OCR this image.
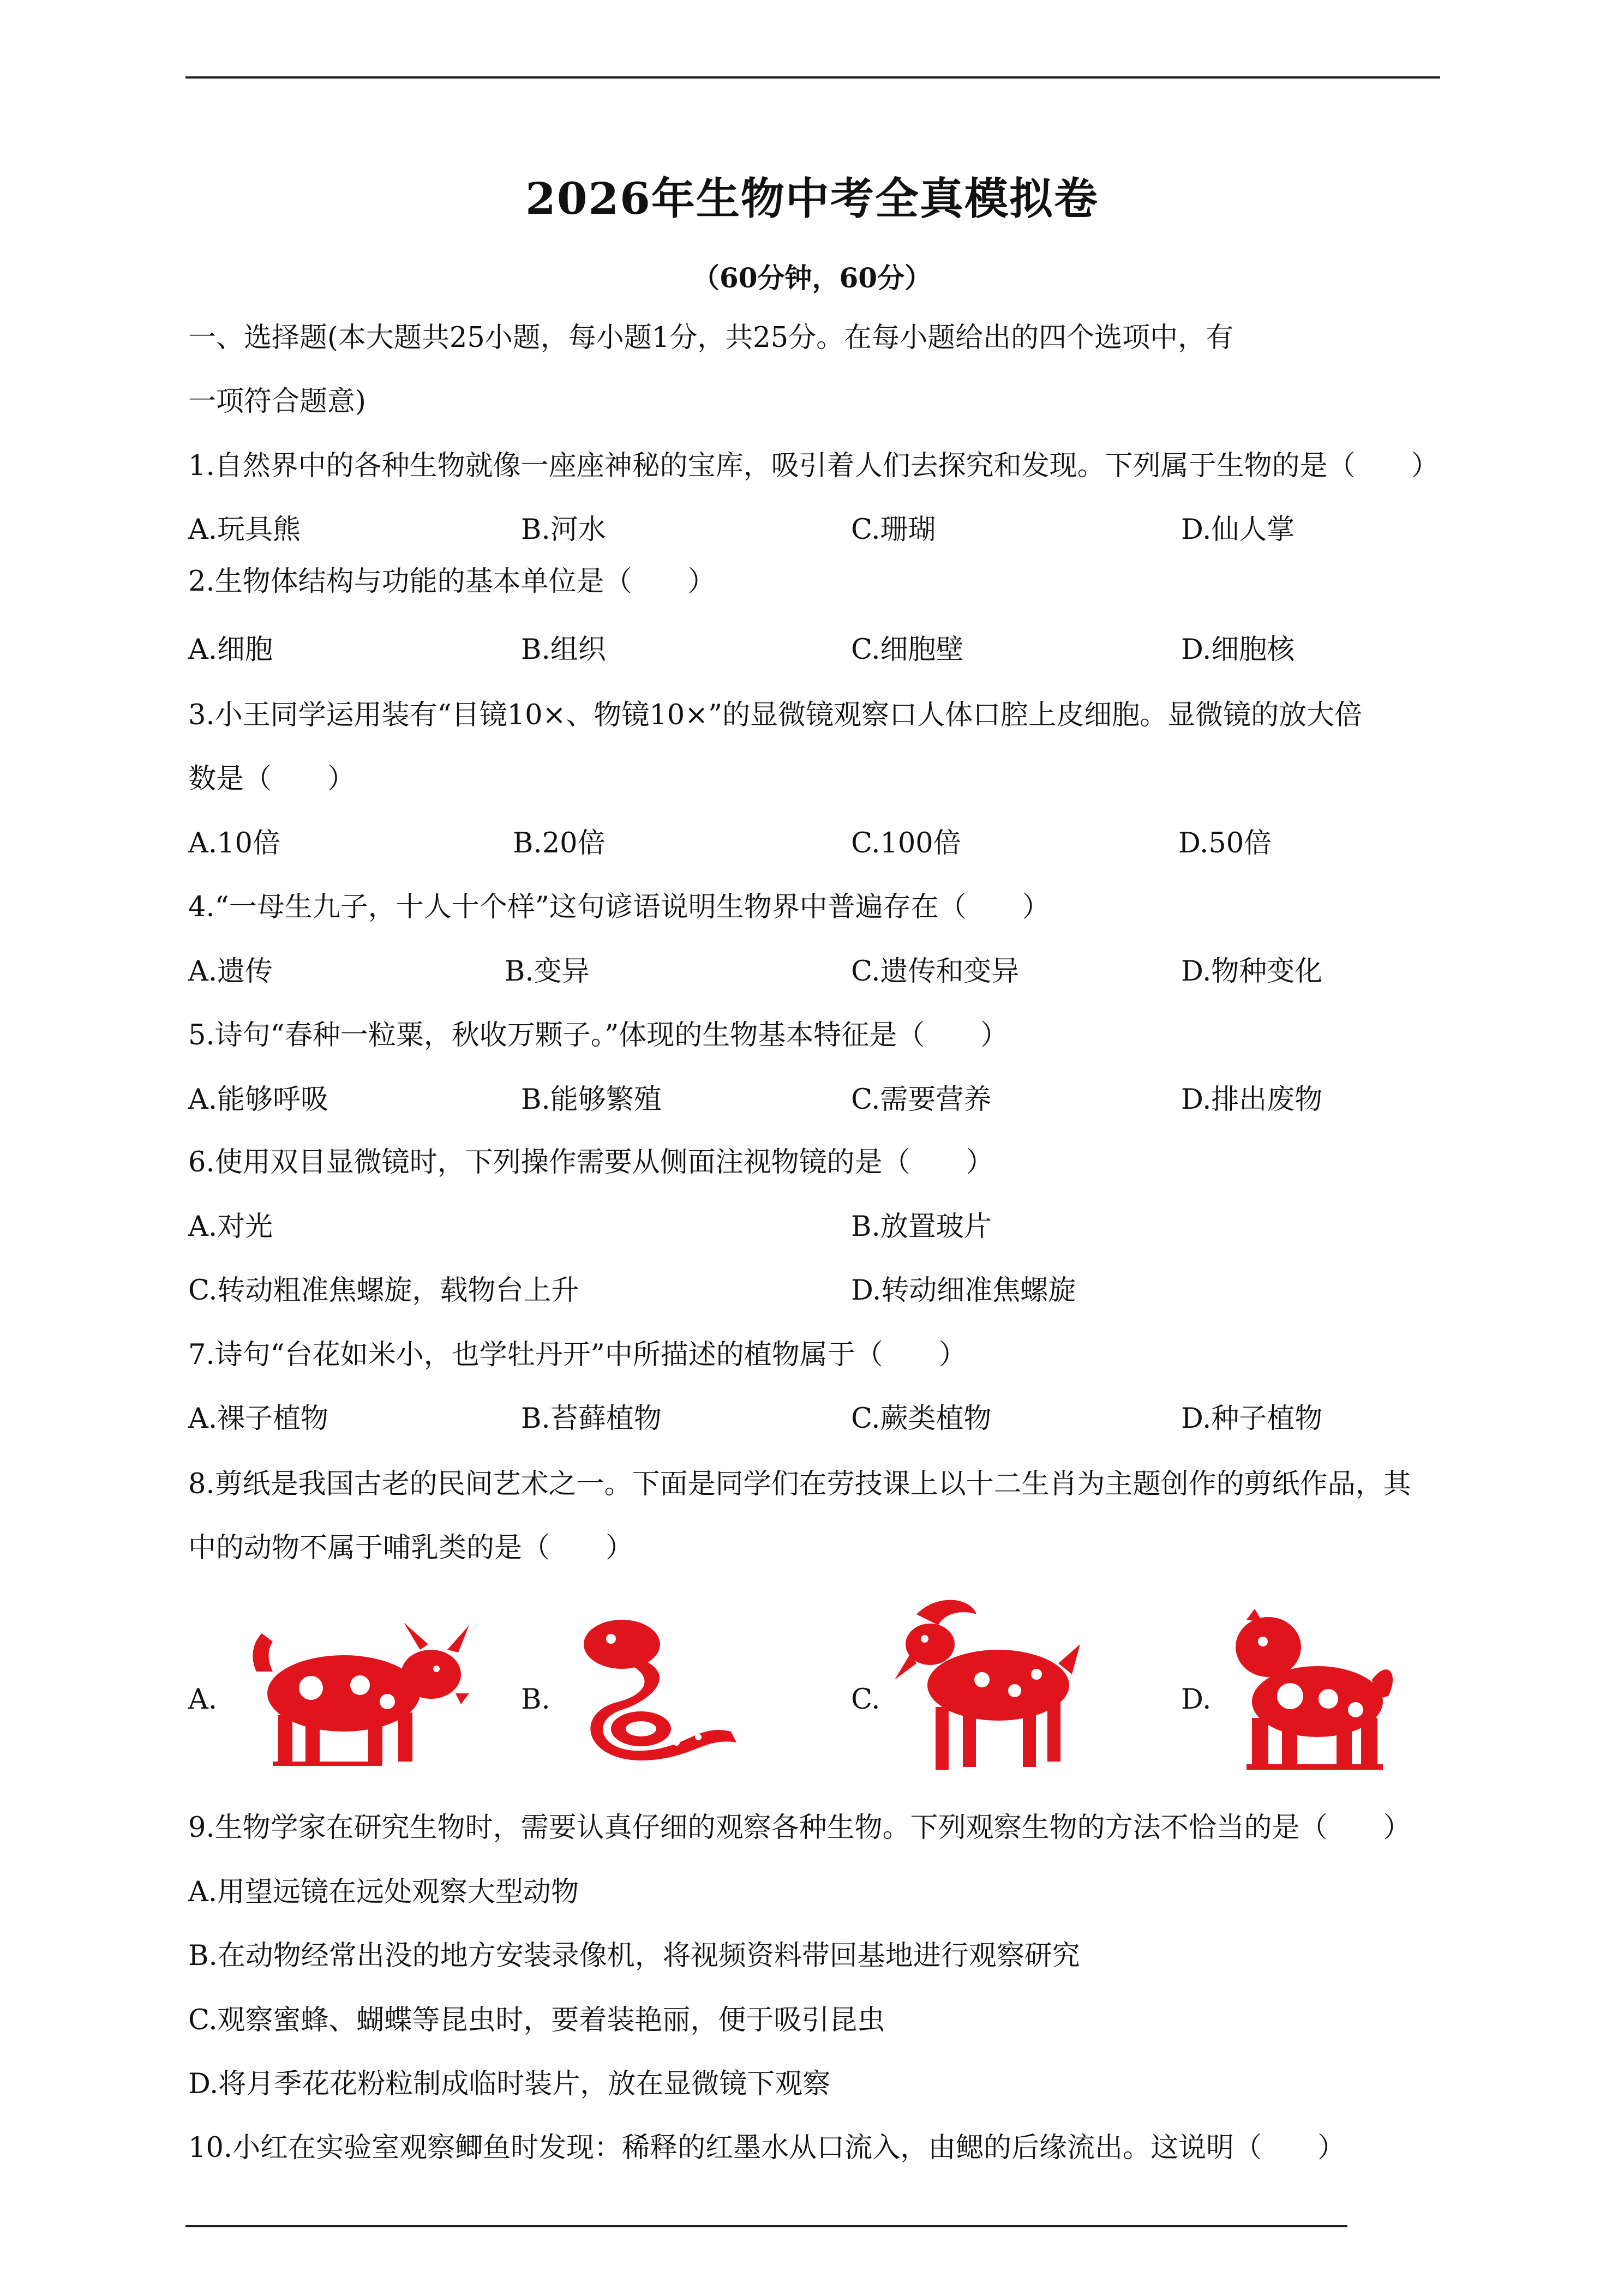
2026年生物中考全真模拟卷
（60分钟，60分）
一、选择题(本大题共25小题，每小题1分，共25分。在每小题给出的四个选项中，有
一项符合题意)
1.自然界中的各种生物就像一座座神秘的宝库，吸引着人们去探究和发现。下列属于生物的是（　　）
A.玩具熊	B.河水	C.珊瑚	D.仙人掌
2.生物体结构与功能的基本单位是（　　）
A.细胞	B.组织	C.细胞壁	D.细胞核
3.小王同学运用装有“目镜10×、物镜10×”的显微镜观察口人体口腔上皮细胞。显微镜的放大倍
数是（　　）
A.10倍	B.20倍	C.100倍	D.50倍
4.“一母生九子，十人十个样”这句谚语说明生物界中普遍存在（　　）
A.遗传	B.变异	C.遗传和变异	D.物种变化
5.诗句“春种一粒粟，秋收万颗子。”体现的生物基本特征是（　　）
A.能够呼吸	B.能够繁殖	C.需要营养	D.排出废物
6.使用双目显微镜时，下列操作需要从侧面注视物镜的是（　　）
A.对光	B.放置玻片
C.转动粗准焦螺旋，载物台上升	D.转动细准焦螺旋
7.诗句“台花如米小，也学牡丹开”中所描述的植物属于（　　）
A.裸子植物	B.苔藓植物	C.蕨类植物	D.种子植物
8.剪纸是我国古老的民间艺术之一。下面是同学们在劳技课上以十二生肖为主题创作的剪纸作品，其
中的动物不属于哺乳类的是（　　）
A.	B.	C.	D.
9.生物学家在研究生物时，需要认真仔细的观察各种生物。下列观察生物的方法不恰当的是（　　）
A.用望远镜在远处观察大型动物
B.在动物经常出没的地方安装录像机，将视频资料带回基地进行观察研究
C.观察蜜蜂、蝴蝶等昆虫时，要着装艳丽，便于吸引昆虫
D.将月季花花粉粒制成临时装片，放在显微镜下观察
10.小红在实验室观察鲫鱼时发现：稀释的红墨水从口流入，由鳃的后缘流出。这说明（　　）
